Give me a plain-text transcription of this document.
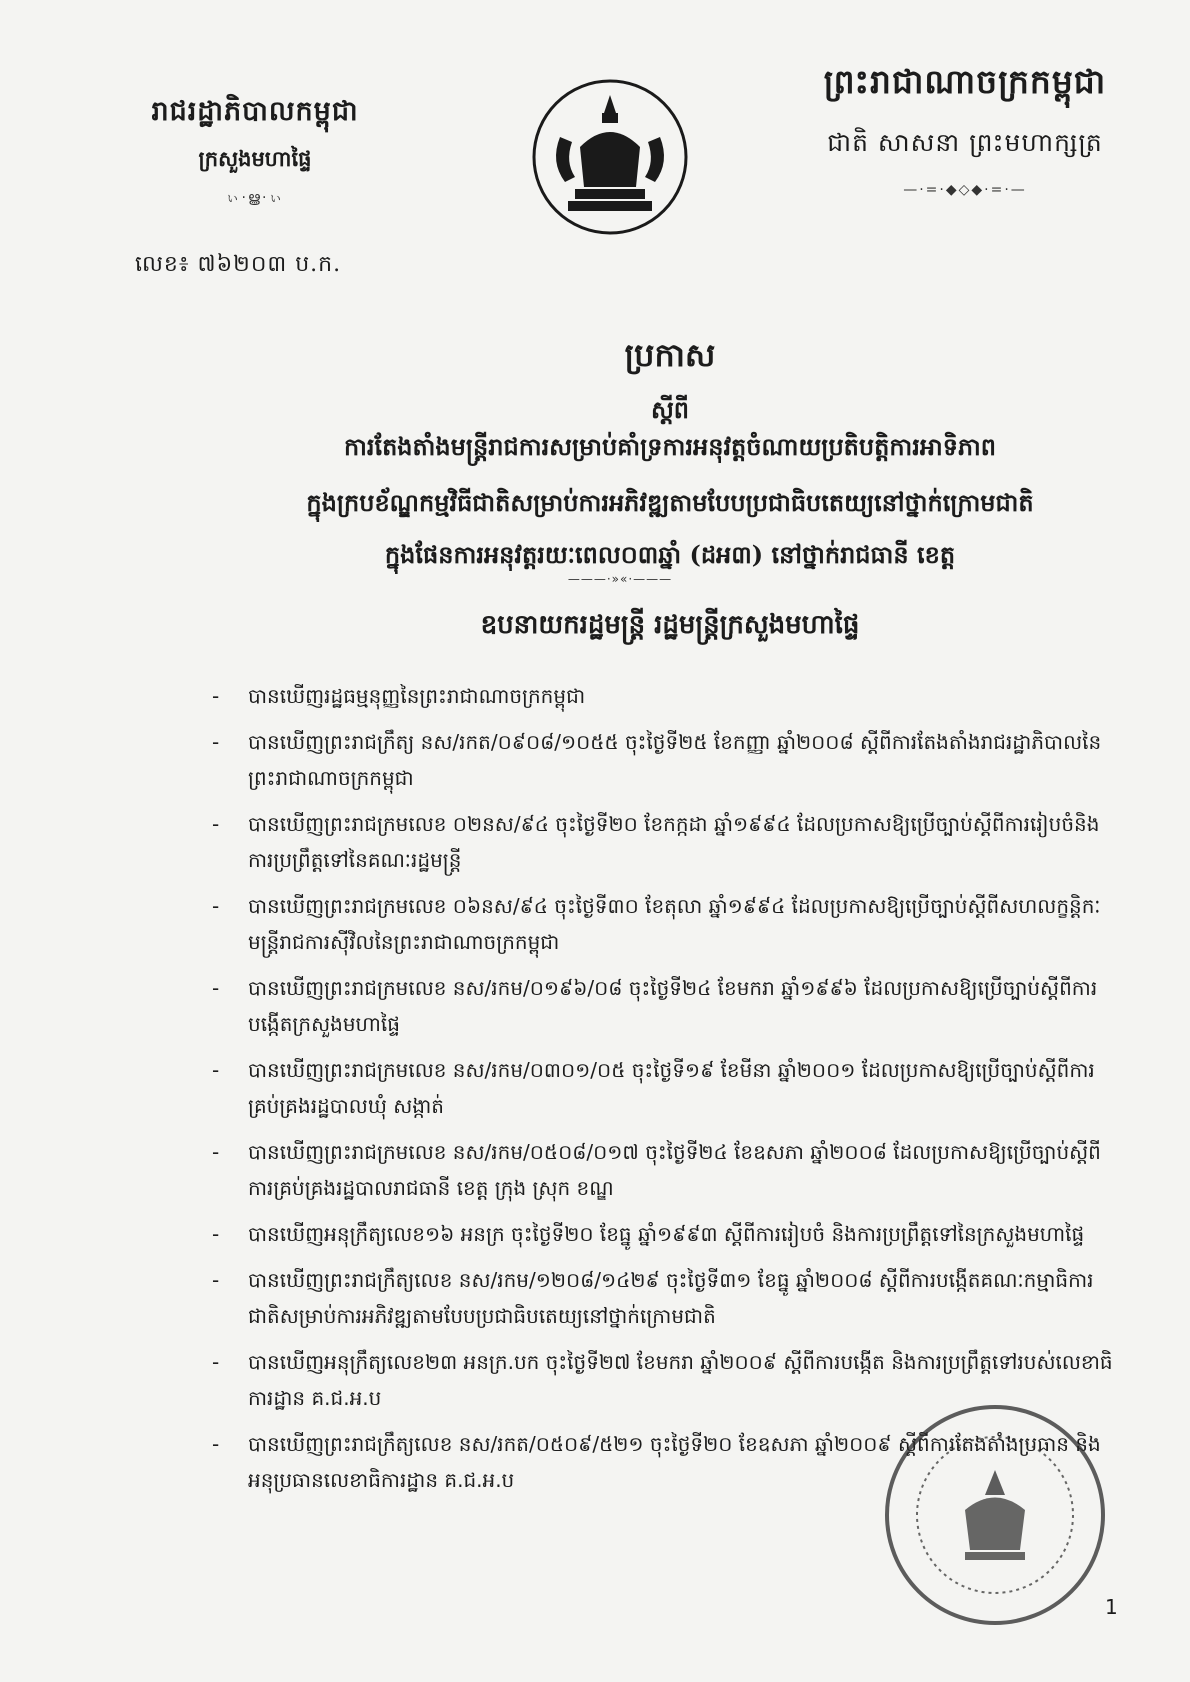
រាជរដ្ឋាភិបាលកម្ពុជា
ក្រសួងមហាផ្ទៃ
ぃ·ൠ·ぃ
ព្រះរាជាណាចក្រកម្ពុជា
ជាតិ សាសនា ព្រះមហាក្សត្រ
—·=·◆◇◆·=·—
លេខ៖ ៧៦២០៣ ប.ក.
ប្រកាស
ស្ដីពី
ការតែងតាំងមន្ត្រីរាជការសម្រាប់គាំទ្រការអនុវត្តចំណាយប្រតិបត្តិការអាទិភាព
ក្នុងក្របខ័ណ្ឌកម្មវិធីជាតិសម្រាប់ការអភិវឌ្ឍតាមបែបប្រជាធិបតេយ្យនៅថ្នាក់ក្រោមជាតិ
ក្នុងផែនការអនុវត្តរយៈពេល០៣ឆ្នាំ (ដអ៣) នៅថ្នាក់រាជធានី ខេត្ត
———·»«·———
ឧបនាយករដ្ឋមន្ត្រី រដ្ឋមន្ត្រីក្រសួងមហាផ្ទៃ
- បានឃើញរដ្ឋធម្មនុញ្ញនៃព្រះរាជាណាចក្រកម្ពុជា
- បានឃើញព្រះរាជក្រឹត្យ នស/រកត/០៩០៨/១០៥៥ ចុះថ្ងៃទី២៥ ខែកញ្ញា ឆ្នាំ២០០៨ ស្ដីពីការតែងតាំងរាជរដ្ឋាភិបាលនៃព្រះរាជាណាចក្រកម្ពុជា
- បានឃើញព្រះរាជក្រមលេខ ០២នស/៩៤ ចុះថ្ងៃទី២០ ខែកក្កដា ឆ្នាំ១៩៩៤ ដែលប្រកាសឱ្យប្រើច្បាប់ស្ដីពីការរៀបចំនិងការប្រព្រឹត្តទៅនៃគណៈរដ្ឋមន្ត្រី
- បានឃើញព្រះរាជក្រមលេខ ០៦នស/៩៤ ចុះថ្ងៃទី៣០ ខែតុលា ឆ្នាំ១៩៩៤ ដែលប្រកាសឱ្យប្រើច្បាប់ស្ដីពីសហលក្ខន្តិកៈមន្ត្រីរាជការស៊ីវិលនៃព្រះរាជាណាចក្រកម្ពុជា
- បានឃើញព្រះរាជក្រមលេខ នស/រកម/០១៩៦/០៨ ចុះថ្ងៃទី២៤ ខែមករា ឆ្នាំ១៩៩៦ ដែលប្រកាសឱ្យប្រើច្បាប់ស្ដីពីការបង្កើតក្រសួងមហាផ្ទៃ
- បានឃើញព្រះរាជក្រមលេខ នស/រកម/០៣០១/០៥ ចុះថ្ងៃទី១៩ ខែមីនា ឆ្នាំ២០០១ ដែលប្រកាសឱ្យប្រើច្បាប់ស្ដីពីការគ្រប់គ្រងរដ្ឋបាលឃុំ សង្កាត់
- បានឃើញព្រះរាជក្រមលេខ នស/រកម/០៥០៨/០១៧ ចុះថ្ងៃទី២៤ ខែឧសភា ឆ្នាំ២០០៨ ដែលប្រកាសឱ្យប្រើច្បាប់ស្ដីពីការគ្រប់គ្រងរដ្ឋបាលរាជធានី ខេត្ត ក្រុង ស្រុក ខណ្ឌ
- បានឃើញអនុក្រឹត្យលេខ១៦ អនក្រ ចុះថ្ងៃទី២០ ខែធ្នូ ឆ្នាំ១៩៩៣ ស្ដីពីការរៀបចំ និងការប្រព្រឹត្តទៅនៃក្រសួងមហាផ្ទៃ
- បានឃើញព្រះរាជក្រឹត្យលេខ នស/រកម/១២០៨/១៤២៩ ចុះថ្ងៃទី៣១ ខែធ្នូ ឆ្នាំ២០០៨ ស្ដីពីការបង្កើតគណៈកម្មាធិការជាតិសម្រាប់ការអភិវឌ្ឍតាមបែបប្រជាធិបតេយ្យនៅថ្នាក់ក្រោមជាតិ
- បានឃើញអនុក្រឹត្យលេខ២៣ អនក្រ.បក ចុះថ្ងៃទី២៧ ខែមករា ឆ្នាំ២០០៩ ស្ដីពីការបង្កើត និងការប្រព្រឹត្តទៅរបស់លេខាធិការដ្ឋាន គ.ជ.អ.ប
- បានឃើញព្រះរាជក្រឹត្យលេខ នស/រកត/០៥០៩/៥២១ ចុះថ្ងៃទី២០ ខែឧសភា ឆ្នាំ២០០៩ ស្ដីពីការតែងតាំងប្រធាន និងអនុប្រធានលេខាធិការដ្ឋាន គ.ជ.អ.ប
1
